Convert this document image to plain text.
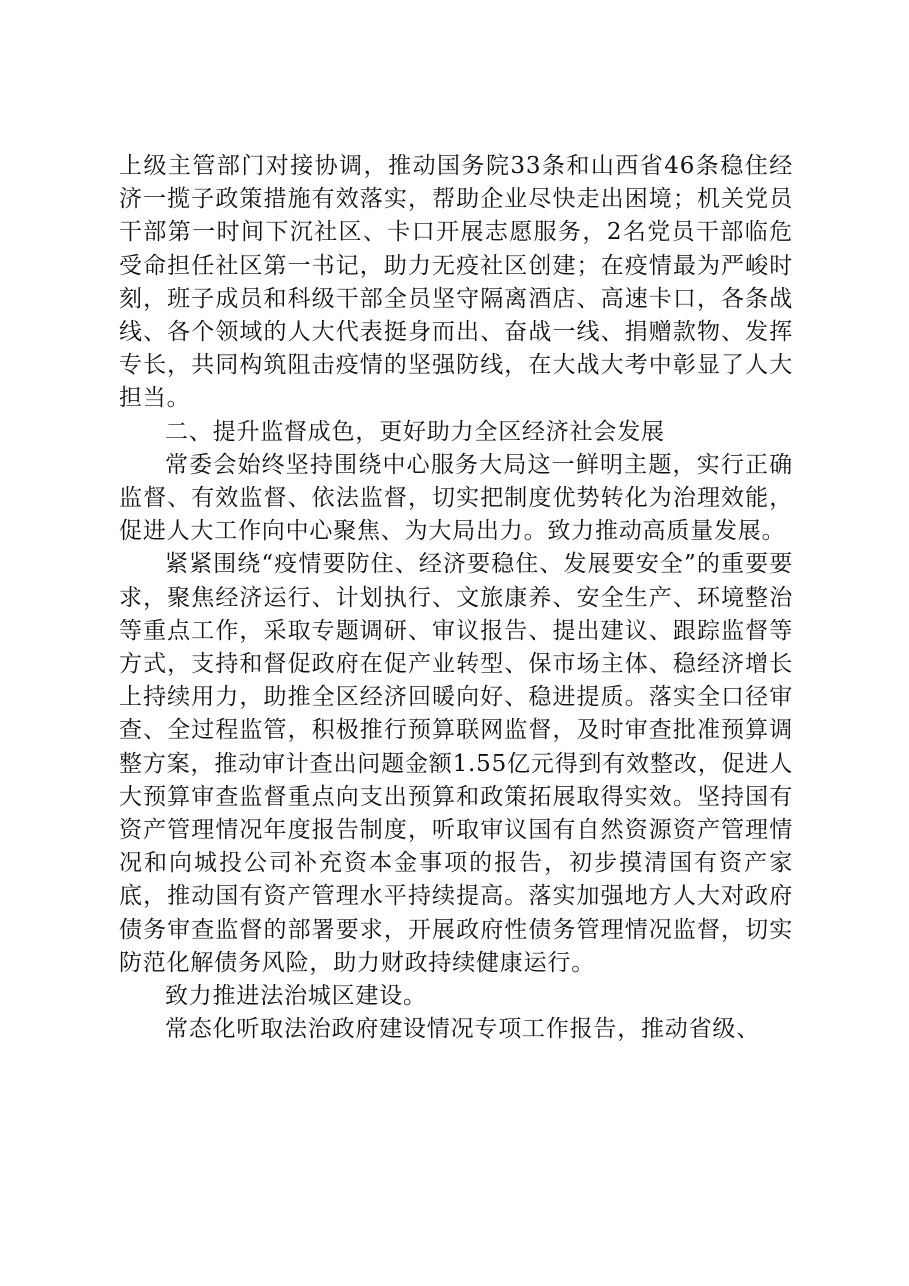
上级主管部门对接协调，推动国务院33条和山西省46条稳住经济一揽子政策措施有效落实，帮助企业尽快走出困境；机关党员干部第一时间下沉社区、卡口开展志愿服务，2名党员干部临危受命担任社区第一书记，助力无疫社区创建；在疫情最为严峻时刻，班子成员和科级干部全员坚守隔离酒店、高速卡口，各条战线、各个领域的人大代表挺身而出、奋战一线、捐赠款物、发挥专长，共同构筑阻击疫情的坚强防线，在大战大考中彰显了人大担当。

二、提升监督成色，更好助力全区经济社会发展

常委会始终坚持围绕中心服务大局这一鲜明主题，实行正确监督、有效监督、依法监督，切实把制度优势转化为治理效能，促进人大工作向中心聚焦、为大局出力。致力推动高质量发展。

紧紧围绕“疫情要防住、经济要稳住、发展要安全”的重要要求，聚焦经济运行、计划执行、文旅康养、安全生产、环境整治等重点工作，采取专题调研、审议报告、提出建议、跟踪监督等方式，支持和督促政府在促产业转型、保市场主体、稳经济增长上持续用力，助推全区经济回暖向好、稳进提质。落实全口径审查、全过程监管，积极推行预算联网监督，及时审查批准预算调整方案，推动审计查出问题金额1.55亿元得到有效整改，促进人大预算审查监督重点向支出预算和政策拓展取得实效。坚持国有资产管理情况年度报告制度，听取审议国有自然资源资产管理情况和向城投公司补充资本金事项的报告，初步摸清国有资产家底，推动国有资产管理水平持续提高。落实加强地方人大对政府债务审查监督的部署要求，开展政府性债务管理情况监督，切实防范化解债务风险，助力财政持续健康运行。

致力推进法治城区建设。

常态化听取法治政府建设情况专项工作报告，推动省级、
